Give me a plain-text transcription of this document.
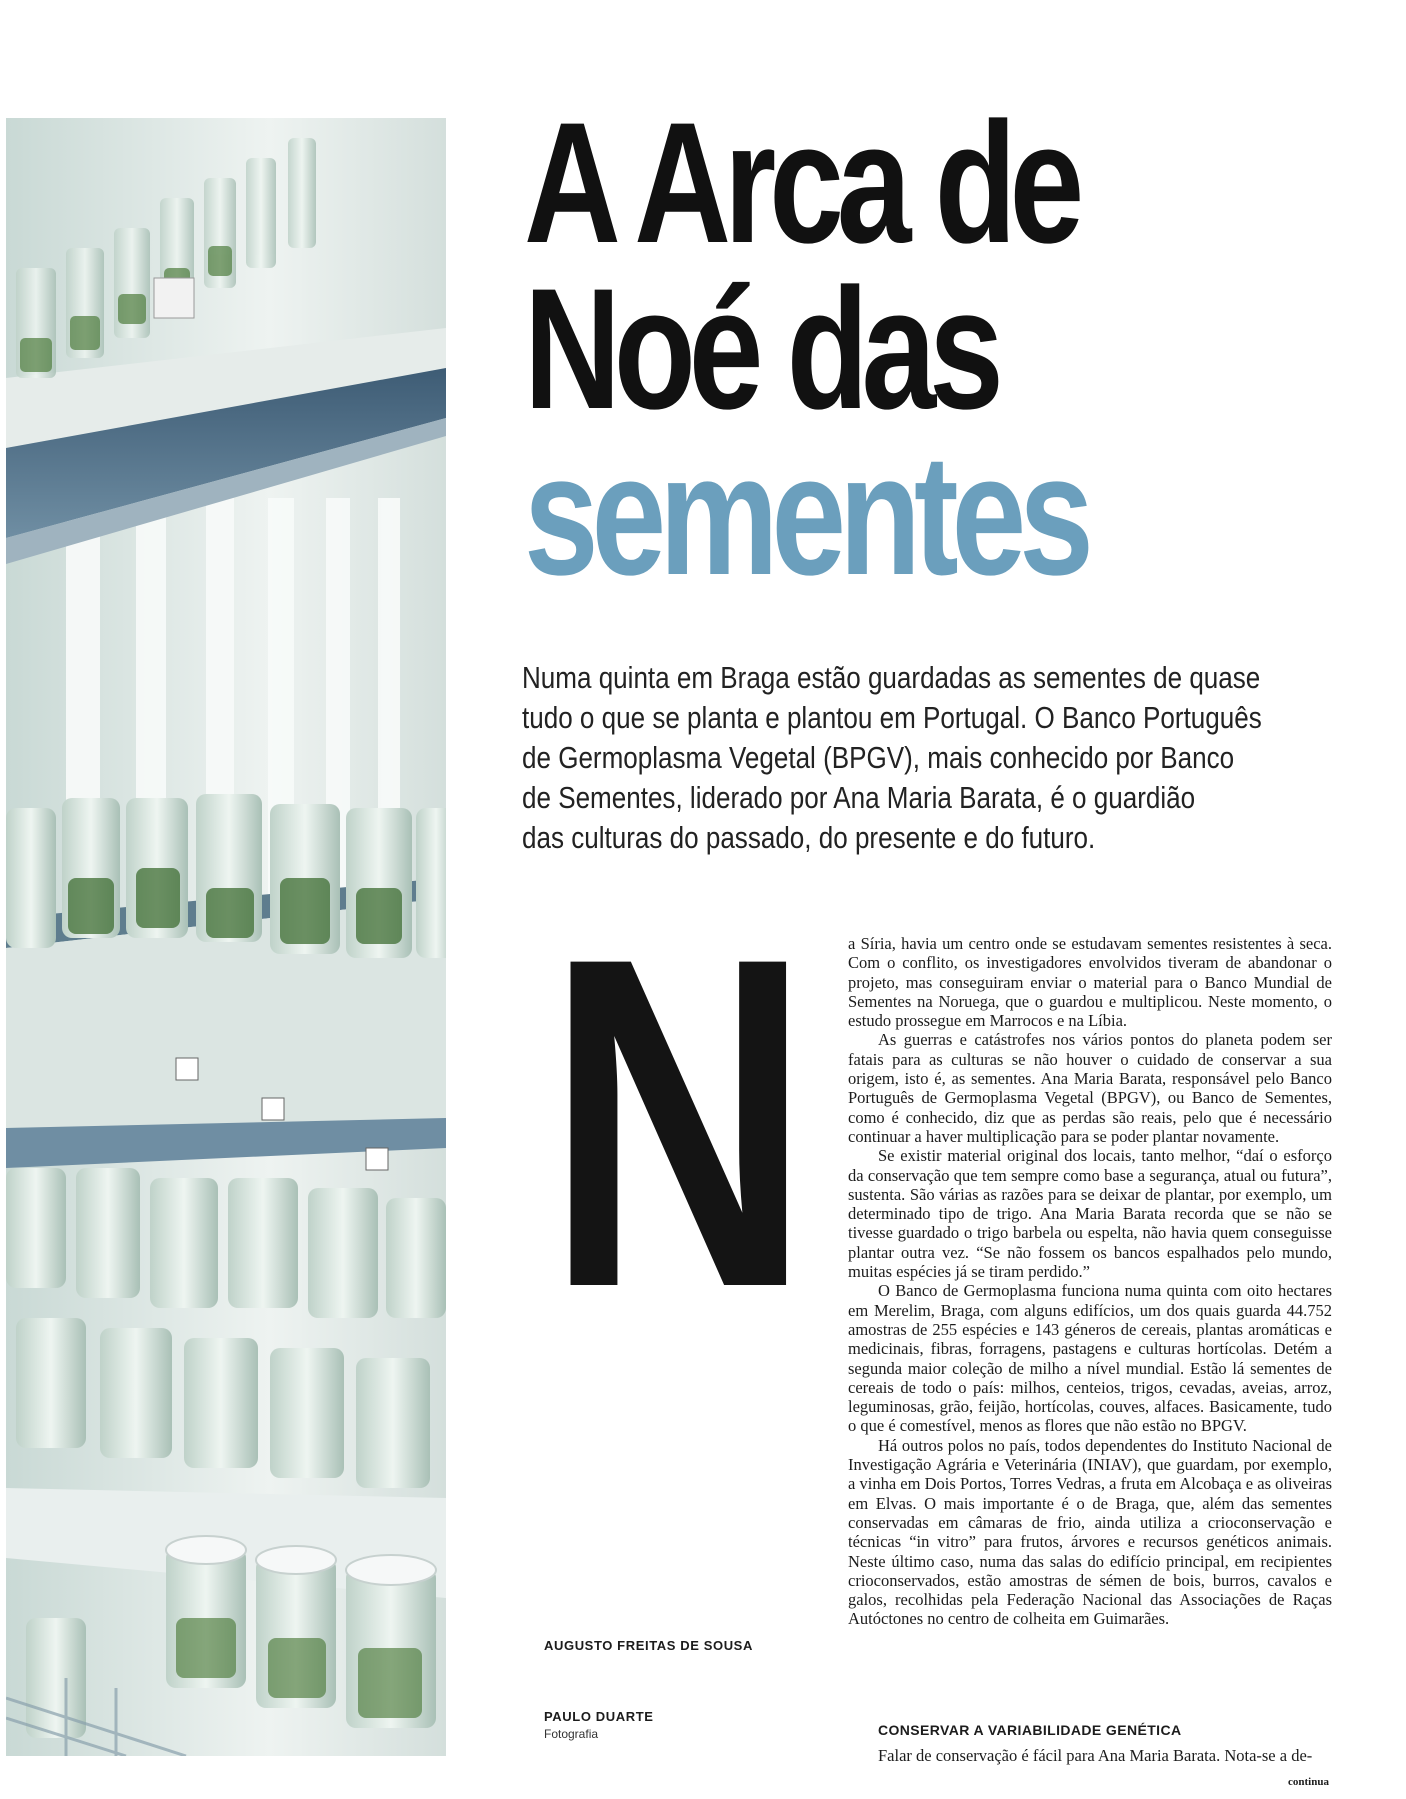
A Arca de
Noé das
sementes

Numa quinta em Braga estão guardadas as sementes de quase
tudo o que se planta e plantou em Portugal. O Banco Português
de Germoplasma Vegetal (BPGV), mais conhecido por Banco
de Sementes, liderado por Ana Maria Barata, é o guardião
das culturas do passado, do presente e do futuro.

N	a Síria, havia um centro onde se estudavam sementes resistentes à seca. Com o conflito, os investigadores envolvidos tiveram de abandonar o projeto, mas conseguiram enviar o material para o Banco Mundial de Sementes na Noruega, que o guardou e multiplicou. Neste momento, o estudo prossegue em Marrocos e na Líbia.

As guerras e catástrofes nos vários pontos do planeta podem ser fatais para as culturas se não houver o cuidado de conservar a sua origem, isto é, as sementes. Ana Maria Barata, responsável pelo Banco Português de Germoplasma Vegetal (BPGV), ou Banco de Sementes, como é conhecido, diz que as perdas são reais, pelo que é necessário continuar a haver multiplicação para se poder plantar novamente.

Se existir material original dos locais, tanto melhor, “daí o esforço da conservação que tem sempre como base a segurança, atual ou futura”, sustenta. São várias as razões para se deixar de plantar, por exemplo, um determinado tipo de trigo. Ana Maria Barata recorda que se não se tivesse guardado o trigo barbela ou espelta, não havia quem conseguisse plantar outra vez. “Se não fossem os bancos espalhados pelo mundo, muitas espécies já se tiram perdido.”

O Banco de Germoplasma funciona numa quinta com oito hectares em Merelim, Braga, com alguns edifícios, um dos quais guarda 44.752 amostras de 255 espécies e 143 géneros de cereais, plantas aromáticas e medicinais, fibras, forragens, pastagens e culturas hortícolas. Detém a segunda maior coleção de milho a nível mundial. Estão lá sementes de cereais de todo o país: milhos, centeios, trigos, cevadas, aveias, arroz, leguminosas, grão, feijão, hortícolas, couves, alfaces. Basicamente, tudo o que é comestível, menos as flores que não estão no BPGV.

Há outros polos no país, todos dependentes do Instituto Nacional de Investigação Agrária e Veterinária (INIAV), que guardam, por exemplo, a vinha em Dois Portos, Torres Vedras, a fruta em Alcobaça e as oliveiras em Elvas. O mais importante é o de Braga, que, além das sementes conservadas em câmaras de frio, ainda utiliza a crioconservação e técnicas “in vitro” para frutos, árvores e recursos genéticos animais. Neste último caso, numa das salas do edifício principal, em recipientes crioconservados, estão amostras de sémen de bois, burros, cavalos e galos, recolhidas pela Federação Nacional das Associações de Raças Autóctones no centro de colheita em Guimarães.

CONSERVAR A VARIABILIDADE GENÉTICA

Falar de conservação é fácil para Ana Maria Barata. Nota-se a de-

continua

AUGUSTO FREITAS DE SOUSA

PAULO DUARTE

Fotografia
